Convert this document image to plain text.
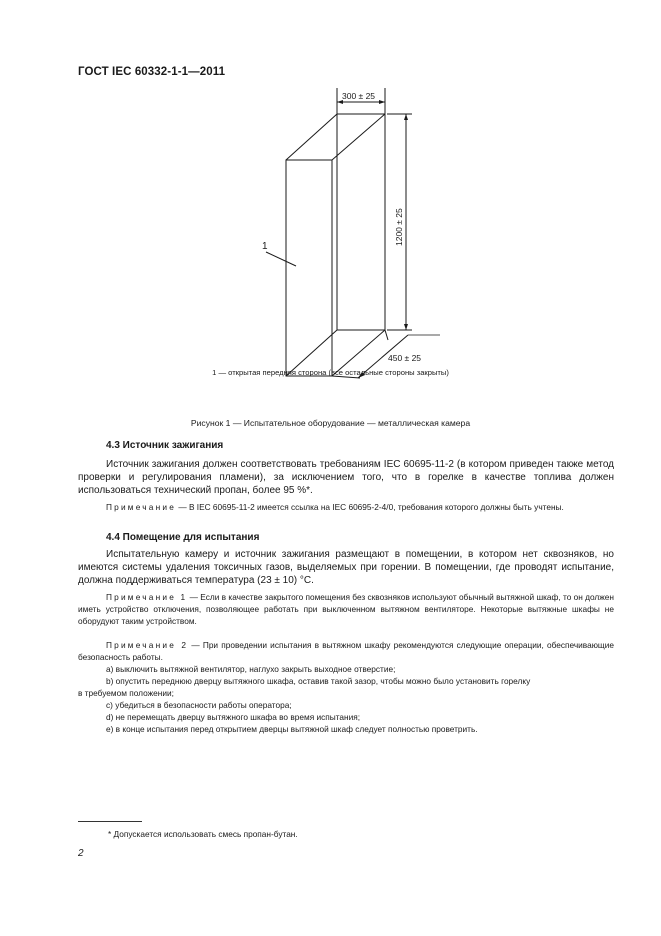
ГОСТ IEC 60332-1-1—2011
300 ± 25
1200 ± 25
450 ± 25
1
1 — открытая передняя сторона (все остальные стороны закрыты)
Рисунок 1 — Испытательное оборудование — металлическая камера
4.3 Источник зажигания
Источник зажигания должен соответствовать требованиям IEC 60695-11-2 (в котором приведен также метод проверки и регулирования пламени), за исключением того, что в горелке в качестве топлива должен использоваться технический пропан, более 95 %*.
Примечание — В IEC 60695-11-2 имеется ссылка на IEC 60695-2-4/0, требования которого должны быть учтены.
4.4 Помещение для испытания
Испытательную камеру и источник зажигания размещают в помещении, в котором нет сквозняков, но имеются системы удаления токсичных газов, выделяемых при горении. В помещении, где проводят испытание, должна поддерживаться температура (23 ± 10) °С.
Примечание 1 — Если в качестве закрытого помещения без сквозняков используют обычный вытяжной шкаф, то он должен иметь устройство отключения, позволяющее работать при выключенном вытяжном вентиляторе. Некоторые вытяжные шкафы не оборудуют таким устройством.
Примечание 2 — При проведении испытания в вытяжном шкафу рекомендуются следующие операции, обеспечивающие безопасность работы.
a) выключить вытяжной вентилятор, наглухо закрыть выходное отверстие;
b) опустить переднюю дверцу вытяжного шкафа, оставив такой зазор, чтобы можно было установить горелку
в требуемом положении;
c) убедиться в безопасности работы оператора;
d) не перемещать дверцу вытяжного шкафа во время испытания;
e) в конце испытания перед открытием дверцы вытяжной шкаф следует полностью проветрить.
* Допускается использовать смесь пропан-бутан.
2
